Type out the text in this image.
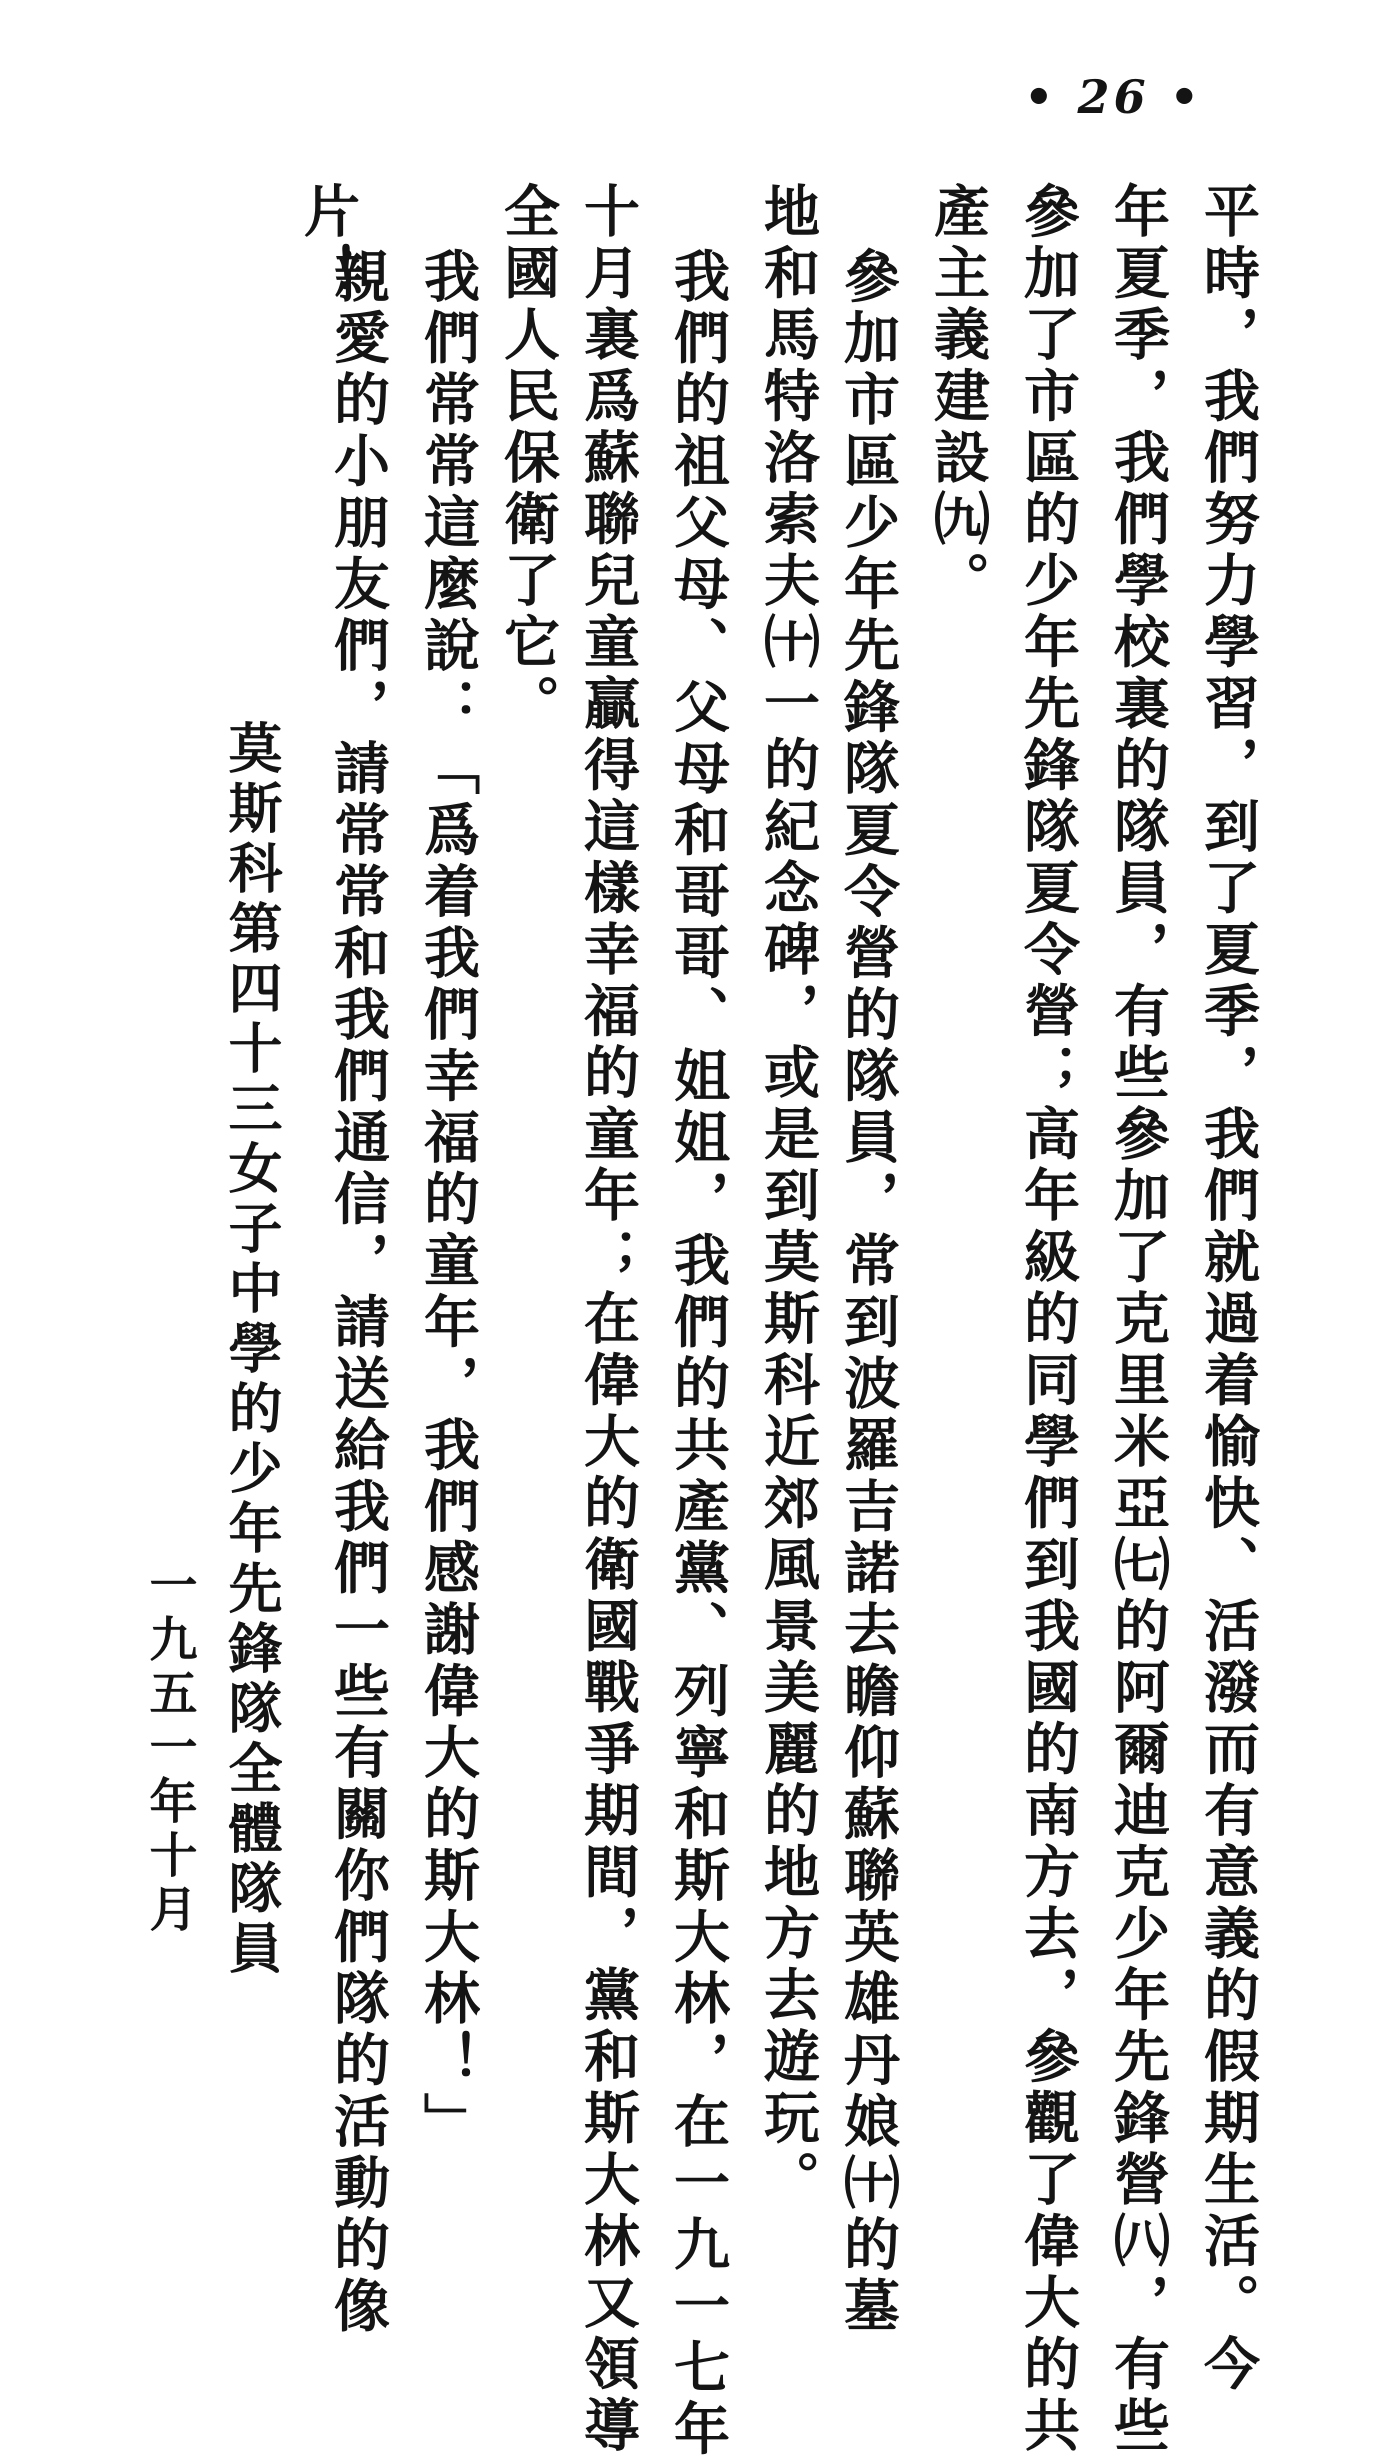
• 26 •
平時，我們努力學習，到了夏季，我們就過着愉快、活潑而有意義的假期生活。今
年夏季，我們學校裏的隊員，有些參加了克里米亞㈦的阿爾迪克少年先鋒營㈧，有些
參加了市區的少年先鋒隊夏令營；高年級的同學們到我國的南方去，參觀了偉大的共
產主義建設㈨。
參加市區少年先鋒隊夏令營的隊員，常到波羅吉諾去瞻仰蘇聯英雄丹娘㈩的墓
地和馬特洛索夫㈩一的紀念碑，或是到莫斯科近郊風景美麗的地方去遊玩。
我們的祖父母、父母和哥哥、姐姐，我們的共產黨、列寧和斯大林，在一九一七年
十月裏爲蘇聯兒童贏得這樣幸福的童年；在偉大的衛國戰爭期間，黨和斯大林又領導
全國人民保衛了它。
我們常常這麼說：「爲着我們幸福的童年，我們感謝偉大的斯大林！」
親愛的小朋友們，請常常和我們通信，請送給我們一些有關你們隊的活動的像
片！
莫斯科第四十三女子中學的少年先鋒隊全體隊員
一九五一年十月
